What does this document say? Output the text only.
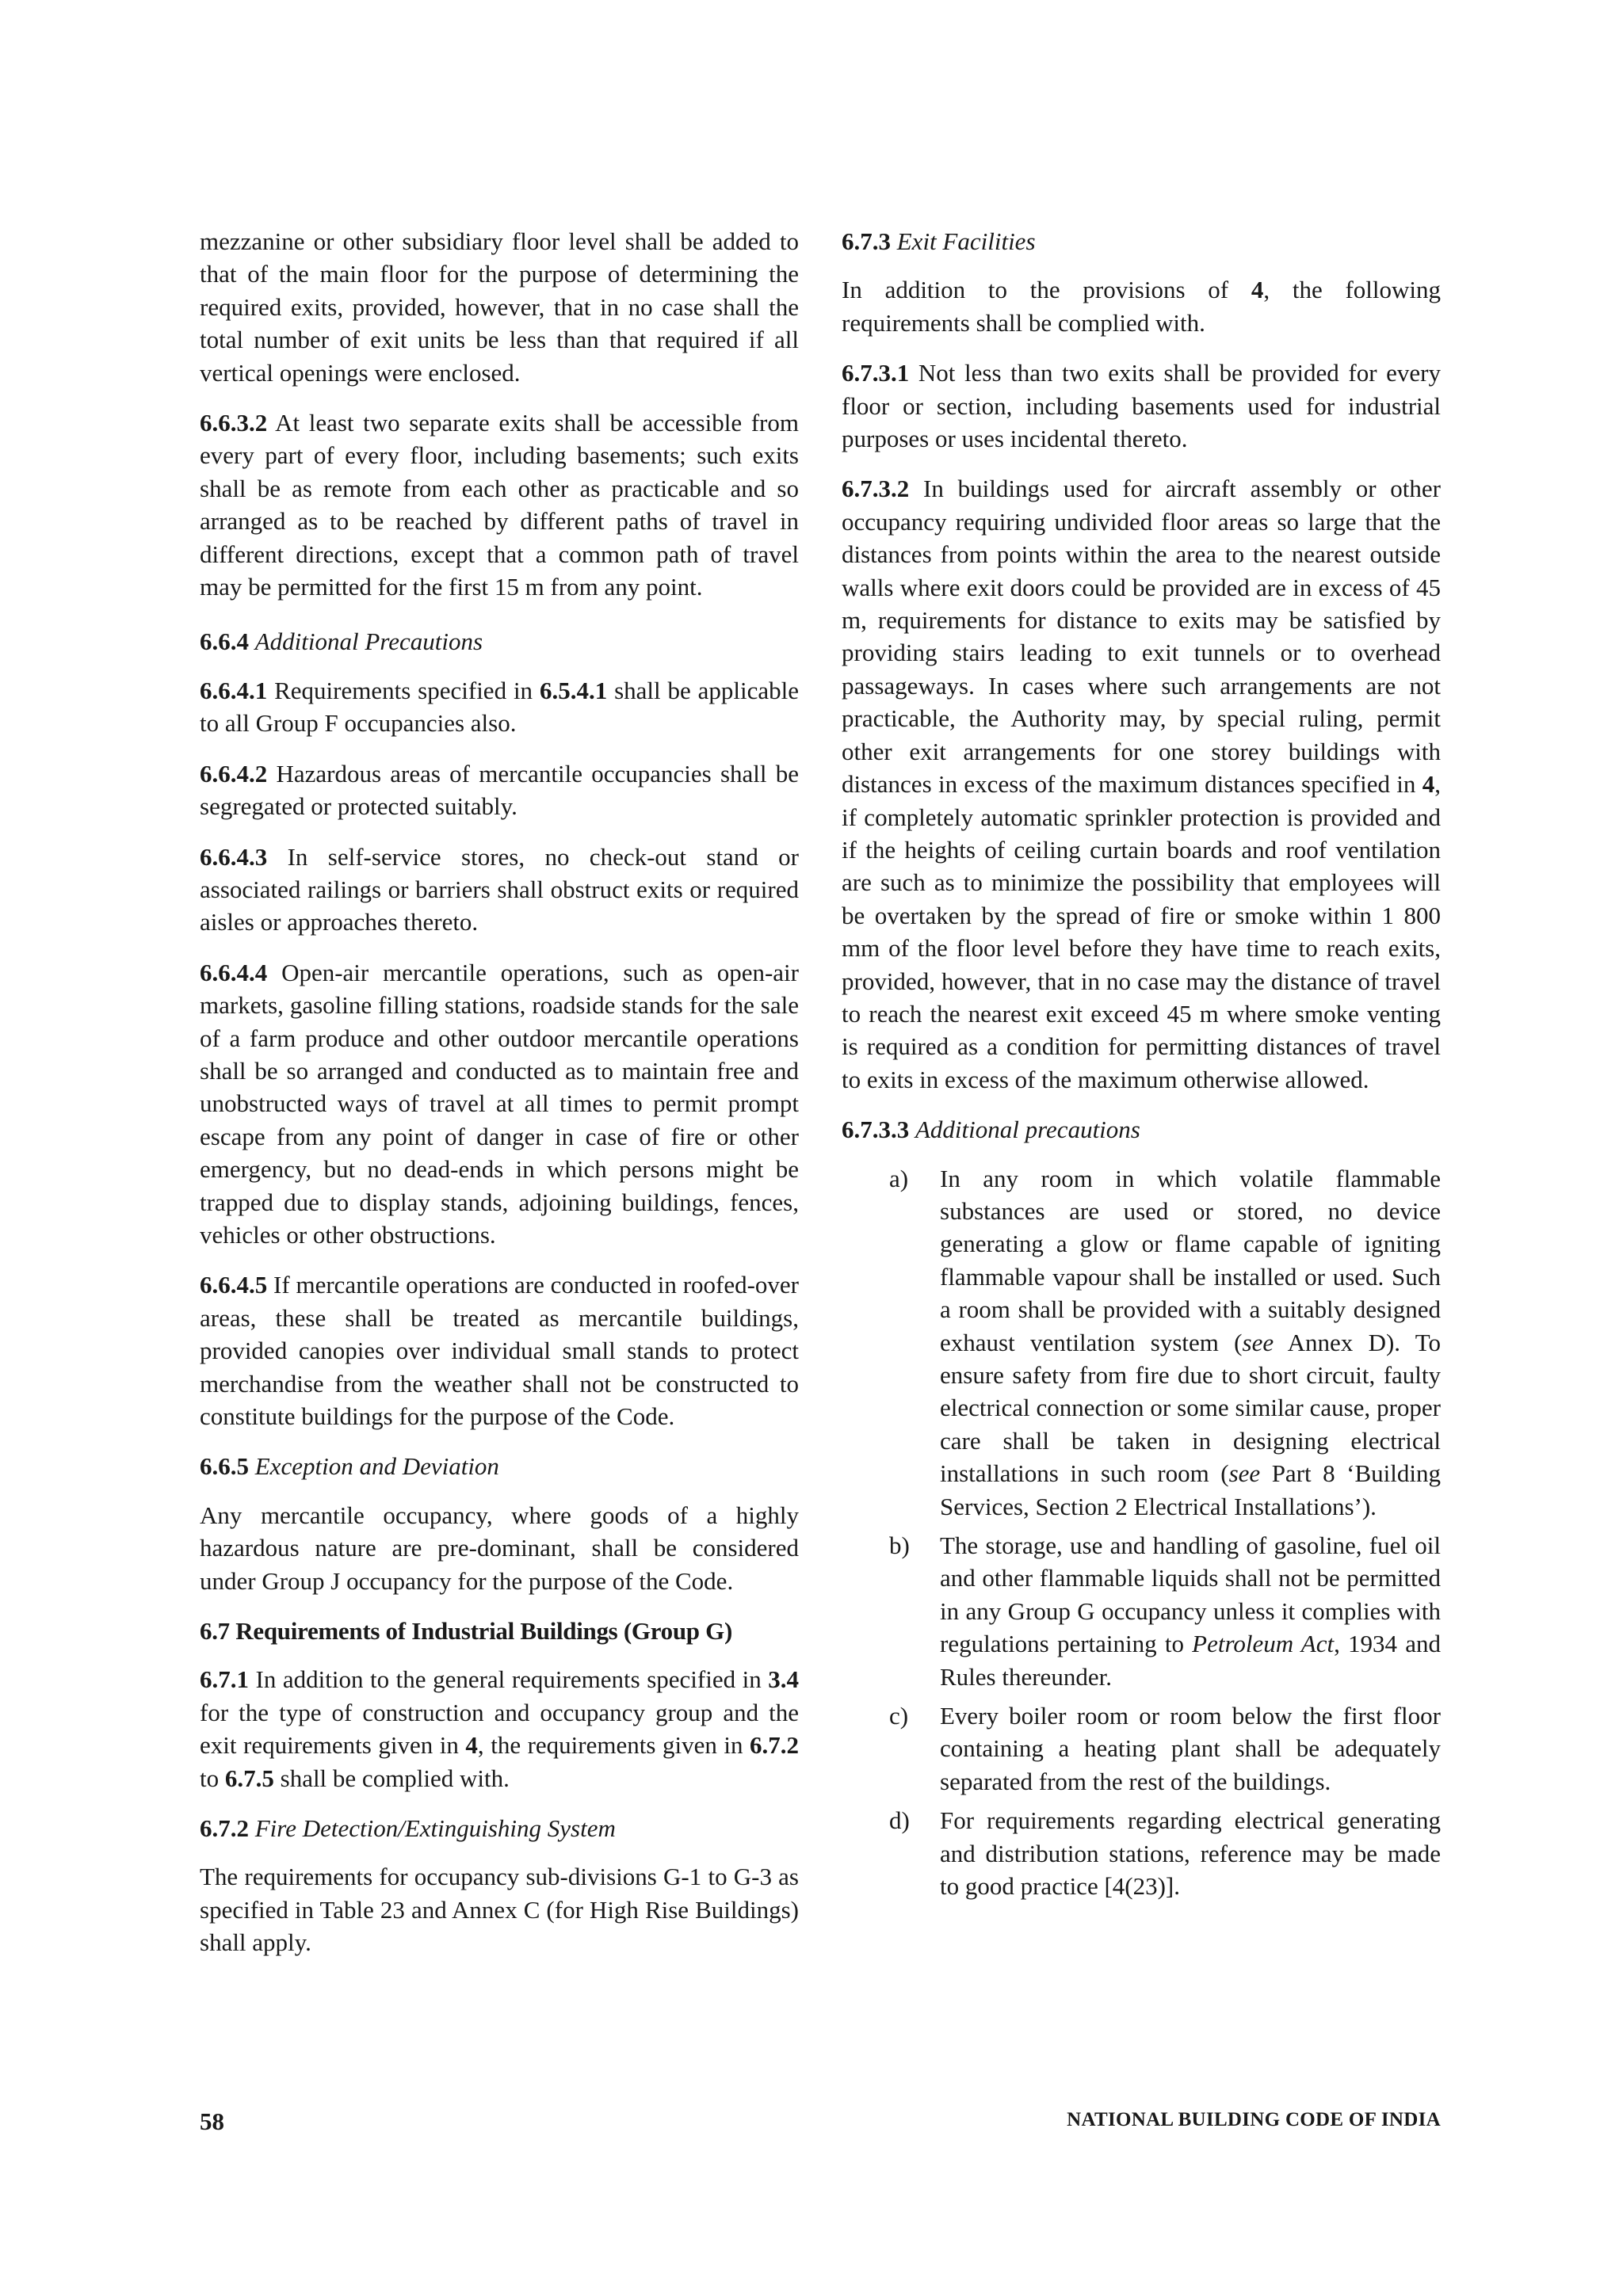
mezzanine or other subsidiary floor level shall be added to that of the main floor for the purpose of determining the required exits, provided, however, that in no case shall the total number of exit units be less than that required if all vertical openings were enclosed.

6.6.3.2 At least two separate exits shall be accessible from every part of every floor, including basements; such exits shall be as remote from each other as practicable and so arranged as to be reached by different paths of travel in different directions, except that a common path of travel may be permitted for the first 15 m from any point.

6.6.4 Additional Precautions

6.6.4.1 Requirements specified in 6.5.4.1 shall be applicable to all Group F occupancies also.

6.6.4.2 Hazardous areas of mercantile occupancies shall be segregated or protected suitably.

6.6.4.3 In self-service stores, no check-out stand or associated railings or barriers shall obstruct exits or required aisles or approaches thereto.

6.6.4.4 Open-air mercantile operations, such as open-air markets, gasoline filling stations, roadside stands for the sale of a farm produce and other outdoor mercantile operations shall be so arranged and conducted as to maintain free and unobstructed ways of travel at all times to permit prompt escape from any point of danger in case of fire or other emergency, but no dead-ends in which persons might be trapped due to display stands, adjoining buildings, fences, vehicles or other obstructions.

6.6.4.5 If mercantile operations are conducted in roofed-over areas, these shall be treated as mercantile buildings, provided canopies over individual small stands to protect merchandise from the weather shall not be constructed to constitute buildings for the purpose of the Code.

6.6.5 Exception and Deviation

Any mercantile occupancy, where goods of a highly hazardous nature are pre-dominant, shall be considered under Group J occupancy for the purpose of the Code.

6.7 Requirements of Industrial Buildings (Group G)

6.7.1 In addition to the general requirements specified in 3.4 for the type of construction and occupancy group and the exit requirements given in 4, the requirements given in 6.7.2 to 6.7.5 shall be complied with.

6.7.2 Fire Detection/Extinguishing System

The requirements for occupancy sub-divisions G-1 to G-3 as specified in Table 23 and Annex C (for High Rise Buildings) shall apply.

6.7.3 Exit Facilities

In addition to the provisions of 4, the following requirements shall be complied with.

6.7.3.1 Not less than two exits shall be provided for every floor or section, including basements used for industrial purposes or uses incidental thereto.

6.7.3.2 In buildings used for aircraft assembly or other occupancy requiring undivided floor areas so large that the distances from points within the area to the nearest outside walls where exit doors could be provided are in excess of 45 m, requirements for distance to exits may be satisfied by providing stairs leading to exit tunnels or to overhead passageways. In cases where such arrangements are not practicable, the Authority may, by special ruling, permit other exit arrangements for one storey buildings with distances in excess of the maximum distances specified in 4, if completely automatic sprinkler protection is provided and if the heights of ceiling curtain boards and roof ventilation are such as to minimize the possibility that employees will be overtaken by the spread of fire or smoke within 1 800 mm of the floor level before they have time to reach exits, provided, however, that in no case may the distance of travel to reach the nearest exit exceed 45 m where smoke venting is required as a condition for permitting distances of travel to exits in excess of the maximum otherwise allowed.

6.7.3.3 Additional precautions

a) In any room in which volatile flammable substances are used or stored, no device generating a glow or flame capable of igniting flammable vapour shall be installed or used. Such a room shall be provided with a suitably designed exhaust ventilation system (see Annex D). To ensure safety from fire due to short circuit, faulty electrical connection or some similar cause, proper care shall be taken in designing electrical installations in such room (see Part 8 ‘Building Services, Section 2 Electrical Installations’).
b) The storage, use and handling of gasoline, fuel oil and other flammable liquids shall not be permitted in any Group G occupancy unless it complies with regulations pertaining to Petroleum Act, 1934 and Rules thereunder.
c) Every boiler room or room below the first floor containing a heating plant shall be adequately separated from the rest of the buildings.
d) For requirements regarding electrical generating and distribution stations, reference may be made to good practice [4(23)].
58	NATIONAL BUILDING CODE OF INDIA
